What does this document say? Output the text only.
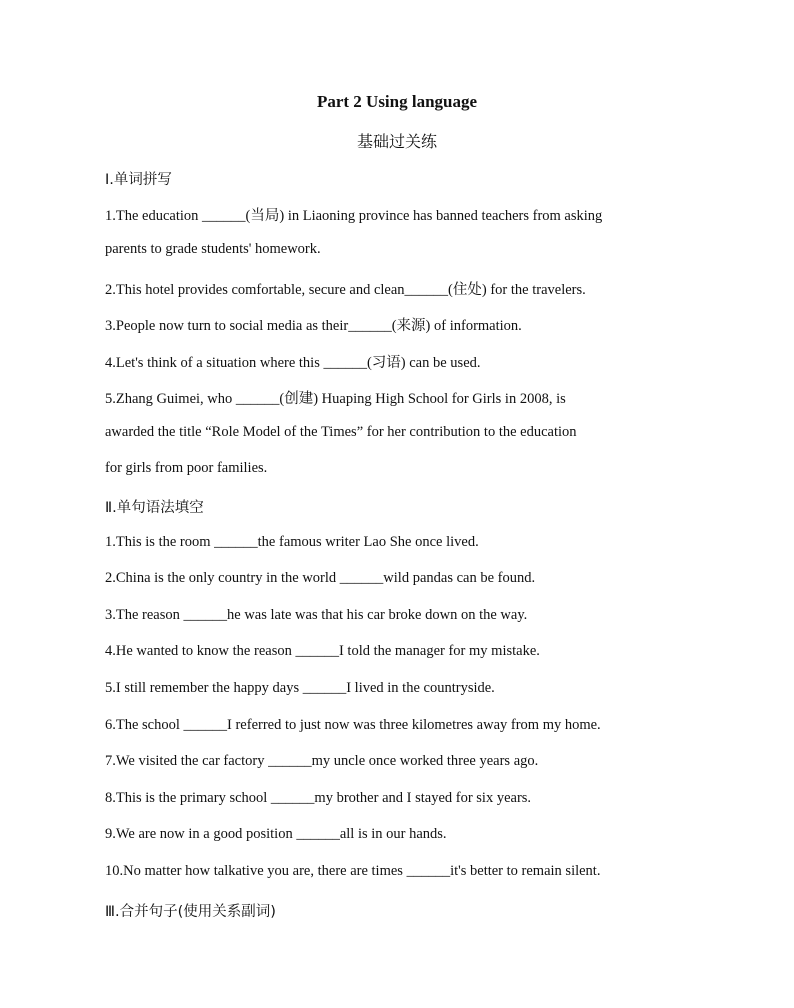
Part 2 Using language
基础过关练
Ⅰ.单词拼写
1.The education ______(当局) in Liaoning province has banned teachers from asking
parents to grade students' homework.
2.This hotel provides comfortable, secure and clean______(住处) for the travelers.
3.People now turn to social media as their______(来源) of information.
4.Let's think of a situation where this ______(习语) can be used.
5.Zhang Guimei, who ______(创建) Huaping High School for Girls in 2008, is
awarded the title “Role Model of the Times” for her contribution to the education
for girls from poor families.
Ⅱ.单句语法填空
1.This is the room ______the famous writer Lao She once lived.
2.China is the only country in the world ______wild pandas can be found.
3.The reason ______he was late was that his car broke down on the way.
4.He wanted to know the reason ______I told the manager for my mistake.
5.I still remember the happy days ______I lived in the countryside.
6.The school ______I referred to just now was three kilometres away from my home.
7.We visited the car factory ______my uncle once worked three years ago.
8.This is the primary school ______my brother and I stayed for six years.
9.We are now in a good position ______all is in our hands.
10.No matter how talkative you are, there are times ______it's better to remain silent.
Ⅲ.合并句子(使用关系副词)
